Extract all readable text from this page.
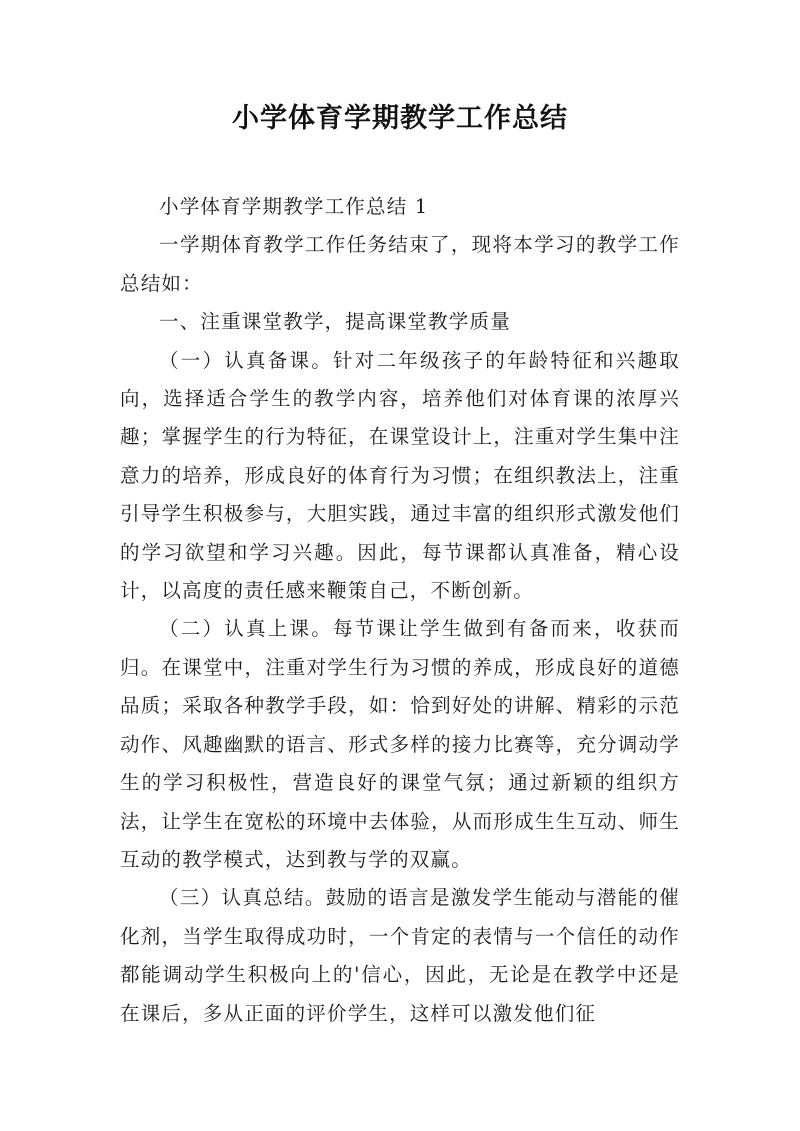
小学体育学期教学工作总结

小学体育学期教学工作总结 1

一学期体育教学工作任务结束了，现将本学习的教学工作总结如：

一、注重课堂教学，提高课堂教学质量

（一）认真备课。针对二年级孩子的年龄特征和兴趣取向，选择适合学生的教学内容，培养他们对体育课的浓厚兴趣；掌握学生的行为特征，在课堂设计上，注重对学生集中注意力的培养，形成良好的体育行为习惯；在组织教法上，注重引导学生积极参与，大胆实践，通过丰富的组织形式激发他们的学习欲望和学习兴趣。因此，每节课都认真准备，精心设计，以高度的责任感来鞭策自己，不断创新。

（二）认真上课。每节课让学生做到有备而来，收获而归。在课堂中，注重对学生行为习惯的养成，形成良好的道德品质；采取各种教学手段，如：恰到好处的讲解、精彩的示范动作、风趣幽默的语言、形式多样的接力比赛等，充分调动学生的学习积极性，营造良好的课堂气氛；通过新颖的组织方法，让学生在宽松的环境中去体验，从而形成生生互动、师生互动的教学模式，达到教与学的双赢。

（三）认真总结。鼓励的语言是激发学生能动与潜能的催化剂，当学生取得成功时，一个肯定的表情与一个信任的动作都能调动学生积极向上的'信心，因此，无论是在教学中还是在课后，多从正面的评价学生，这样可以激发他们征
